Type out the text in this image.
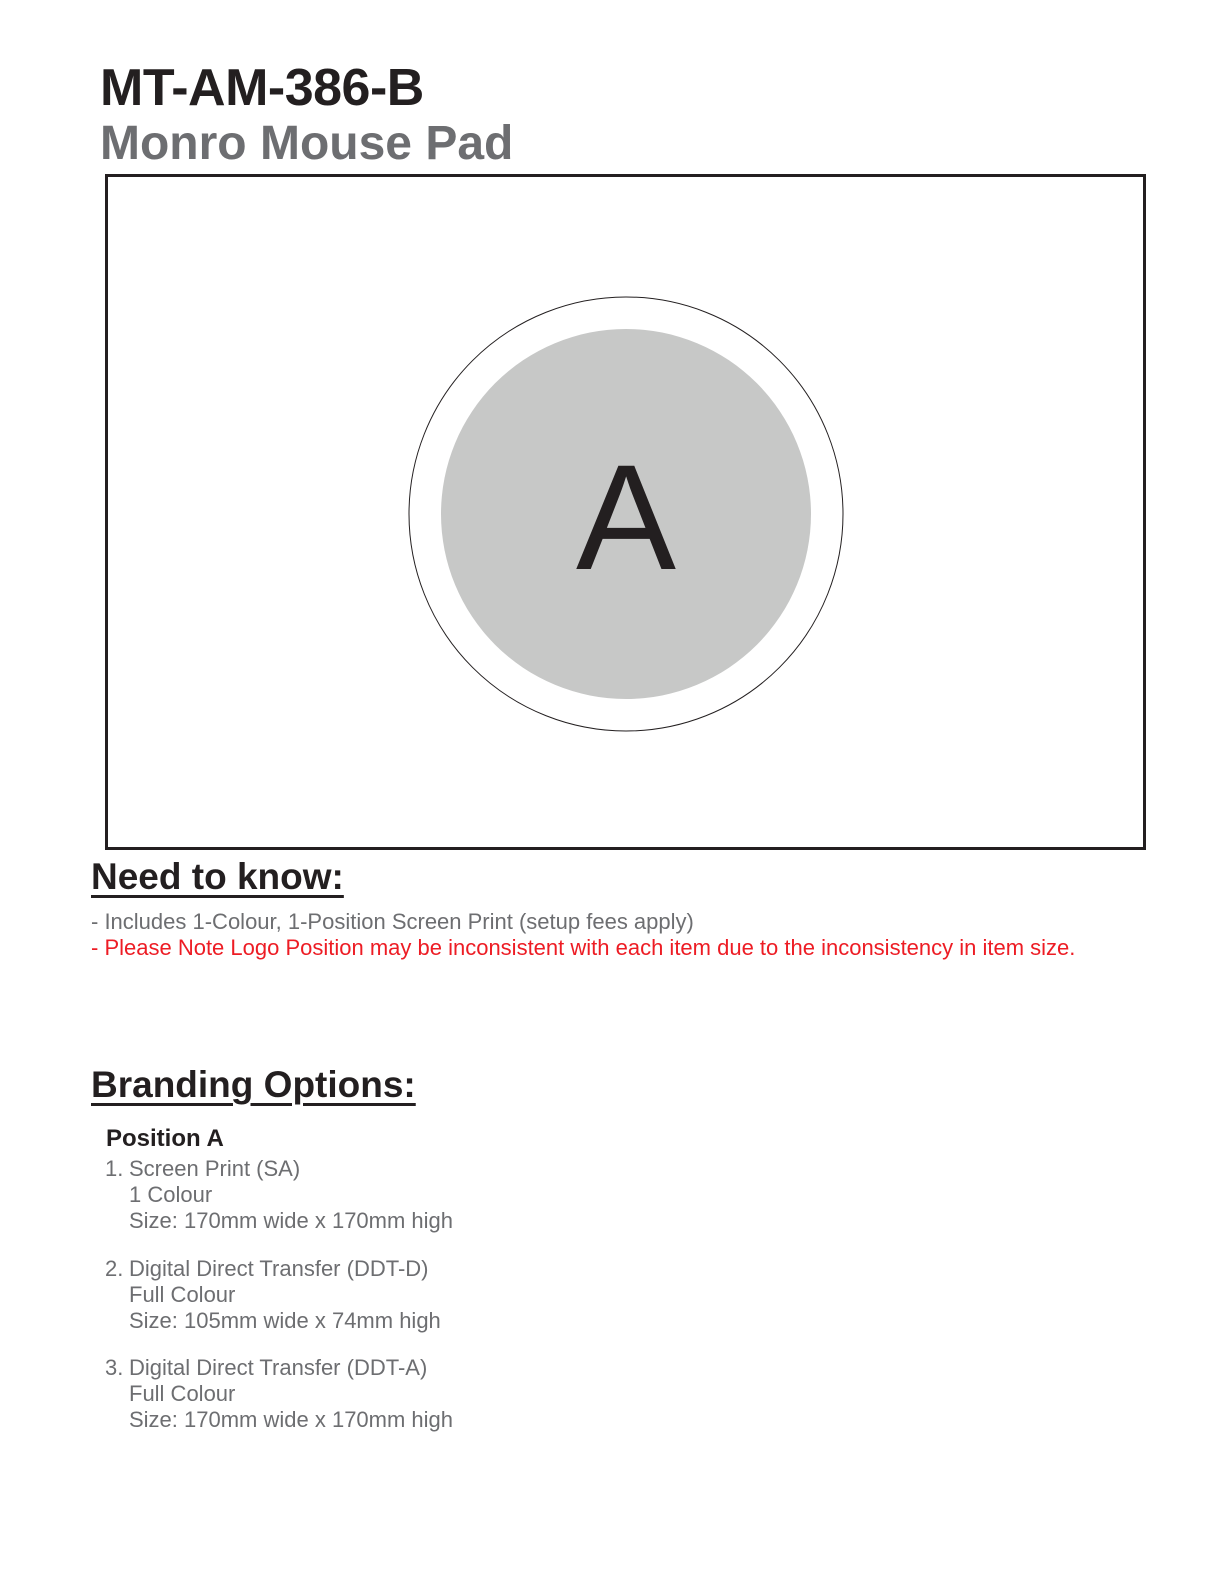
MT-AM-386-B
Monro Mouse Pad
A
Need to know:

- Includes 1-Colour, 1-Position Screen Print (setup fees apply)

- Please Note Logo Position may be inconsistent with each item due to the inconsistency in item size.

Branding Options:
Position A
1. Screen Print (SA)
1 Colour
Size: 170mm wide x 170mm high
2. Digital Direct Transfer (DDT-D)
Full Colour
Size: 105mm wide x 74mm high
3. Digital Direct Transfer (DDT-A)
Full Colour
Size: 170mm wide x 170mm high
